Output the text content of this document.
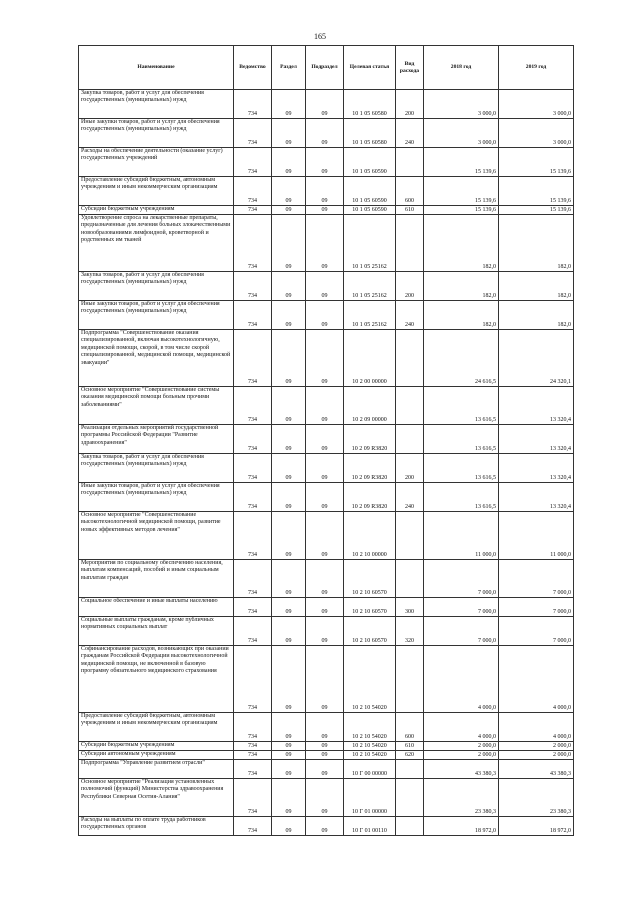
165
Наименование	Ведомство	Раздел	Подраздел	Целевая статья	Вид расхода	2018 год	2019 год
Закупка товаров, работ и услуг для обеспечения государственных (муниципальных) нужд	734	09	09	10 1 05 60580	200	3 000,0	3 000,0
Иные закупки товаров, работ и услуг для обеспечения государственных (муниципальных) нужд	734	09	09	10 1 05 60580	240	3 000,0	3 000,0
Расходы на обеспечение деятельности (оказание услуг) государственных учреждений	734	09	09	10 1 05 60590		15 139,6	15 139,6
Предоставление субсидий бюджетным, автономным учреждениям и иным некоммерческим организациям	734	09	09	10 1 05 60590	600	15 139,6	15 139,6
Субсидии бюджетным учреждениям	734	09	09	10 1 05 60590	610	15 139,6	15 139,6
Удовлетворение спроса на лекарственные препараты, предназначенные для лечения больных злокачественными новообразованиями лимфоидной, кроветворной и родственных им тканей	734	09	09	10 1 05 25162		182,0	182,0
Закупка товаров, работ и услуг для обеспечения государственных (муниципальных) нужд	734	09	09	10 1 05 25162	200	182,0	182,0
Иные закупки товаров, работ и услуг для обеспечения государственных (муниципальных) нужд	734	09	09	10 1 05 25162	240	182,0	182,0
Подпрограмма "Совершенствование оказания специализированной, включая высокотехнологичную, медицинской помощи, скорой, в том числе скорой специализированной, медицинской помощи, медицинской эвакуации"	734	09	09	10 2 00 00000		24 616,5	24 320,1
Основное мероприятие "Совершенствование системы оказания медицинской помощи больным прочими заболеваниями"	734	09	09	10 2 09 00000		13 616,5	13 320,4
Реализация отдельных мероприятий государственной программы Российской Федерации "Развитие здравоохранения"	734	09	09	10 2 09 R3820		13 616,5	13 320,4
Закупка товаров, работ и услуг для обеспечения государственных (муниципальных) нужд	734	09	09	10 2 09 R3820	200	13 616,5	13 320,4
Иные закупки товаров, работ и услуг для обеспечения государственных (муниципальных) нужд	734	09	09	10 2 09 R3820	240	13 616,5	13 320,4
Основное мероприятие "Совершенствование высокотехнологичной медицинской помощи, развитие новых эффективных методов лечения"	734	09	09	10 2 10 00000		11 000,0	11 000,0
Мероприятия по социальному обеспечению населения, выплатам компенсаций, пособий и иным социальным выплатам граждан	734	09	09	10 2 10 60570		7 000,0	7 000,0
Социальное обеспечение и иные выплаты населению	734	09	09	10 2 10 60570	300	7 000,0	7 000,0
Социальные выплаты гражданам, кроме публичных нормативных социальных выплат	734	09	09	10 2 10 60570	320	7 000,0	7 000,0
Софинансирование расходов, возникающих при оказании гражданам Российской Федерации высокотехнологичной медицинской помощи, не включенной в базовую программу обязательного медицинского страхования	734	09	09	10 2 10 54020		4 000,0	4 000,0
Предоставление субсидий бюджетным, автономным учреждениям и иным некоммерческим организациям	734	09	09	10 2 10 54020	600	4 000,0	4 000,0
Субсидии бюджетным учреждениям	734	09	09	10 2 10 54020	610	2 000,0	2 000,0
Субсидии автономным учреждениям	734	09	09	10 2 10 54020	620	2 000,0	2 000,0
Подпрограмма "Управление развитием отрасли"	734	09	09	10 Г 00 00000		43 380,3	43 380,3
Основное мероприятие "Реализация установленных полномочий (функций) Министерства здравоохранения Республики Северная Осетия-Алания"	734	09	09	10 Г 01 00000		23 380,3	23 380,3
Расходы на выплаты по оплате труда работников государственных органов	734	09	09	10 Г 01 00110		18 972,0	18 972,0
